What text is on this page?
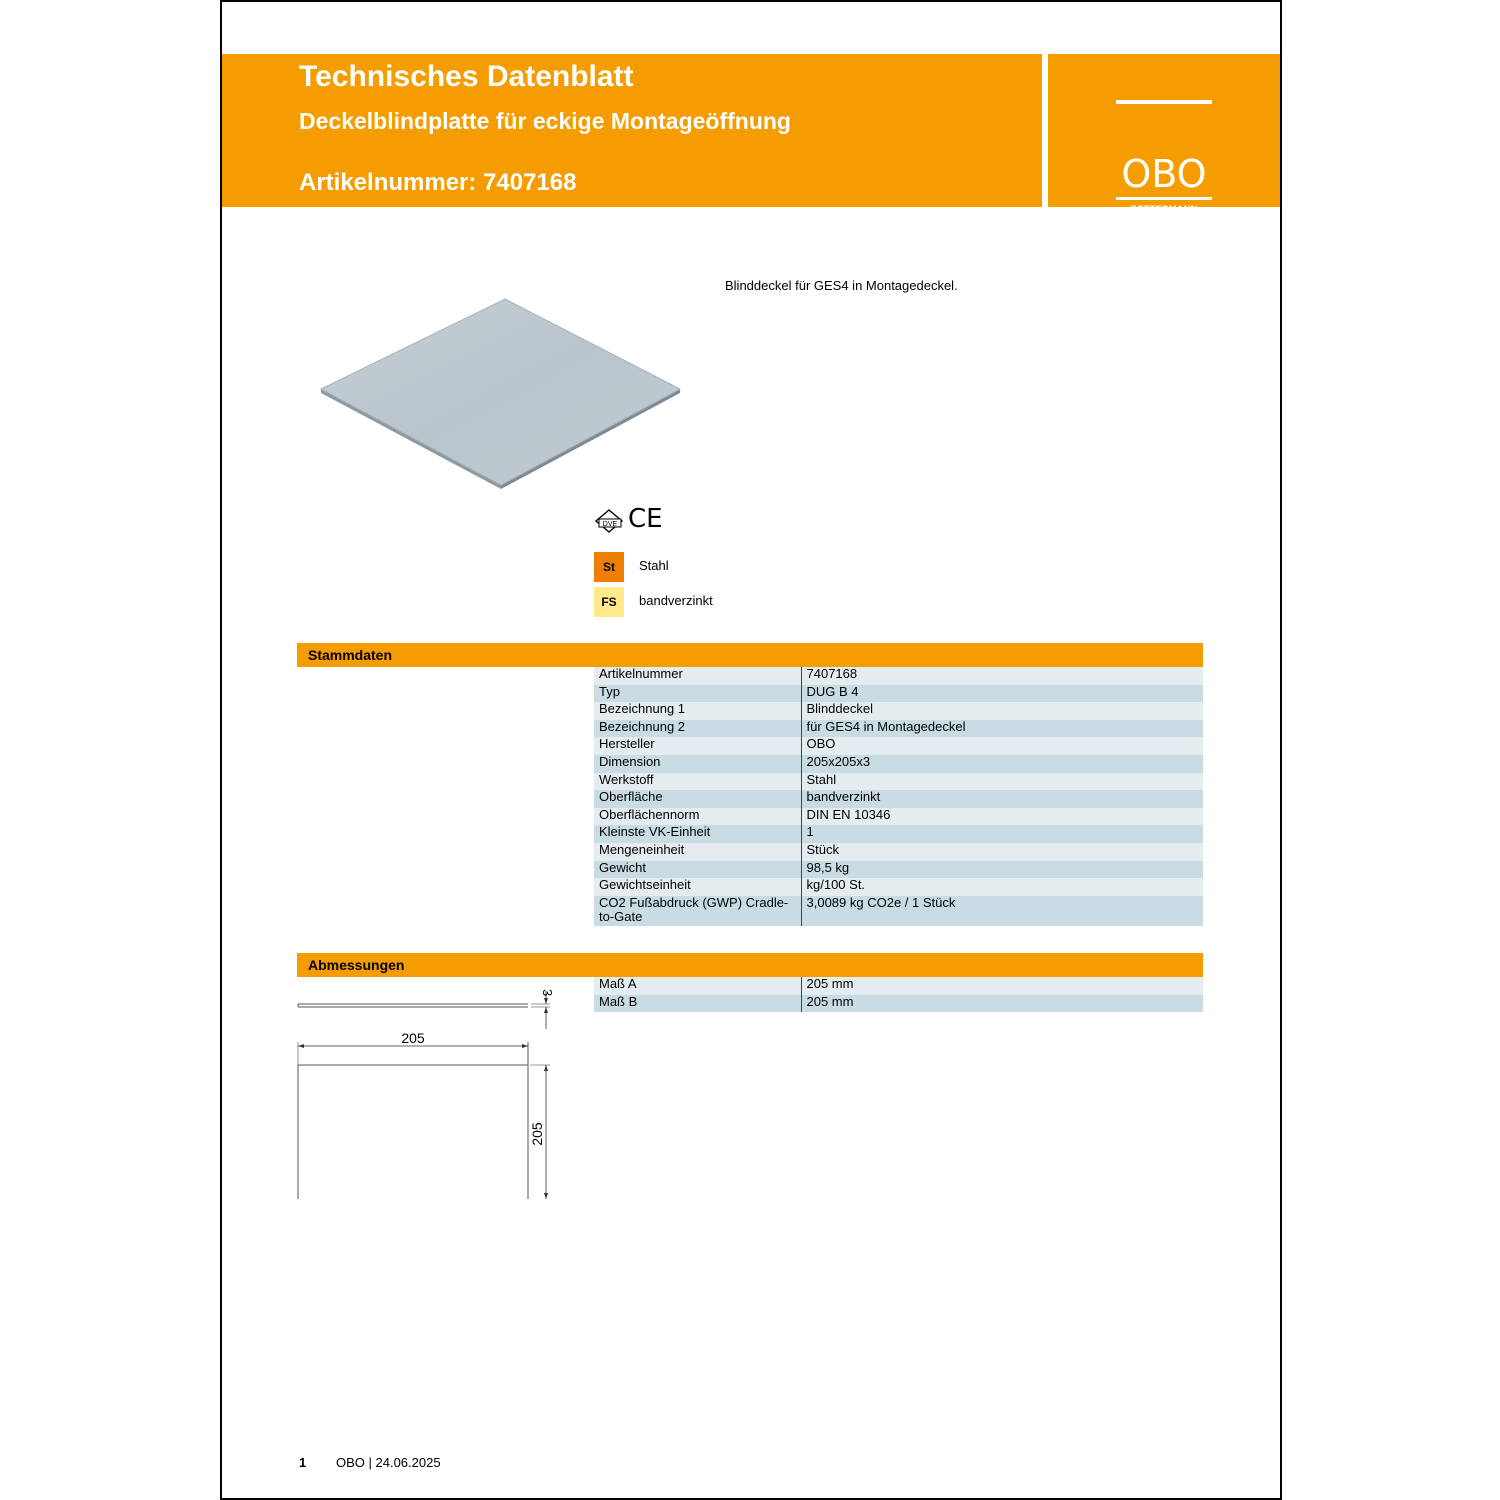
OBO
BETTERMANN
Technisches Datenblatt
Deckelblindplatte für eckige Montageöffnung
Artikelnummer: 7407168
Blinddeckel für GES4 in Montagedeckel.
DVE CE
St	Stahl
FS	bandverzinkt
Stammdaten
Artikelnummer	7407168
Typ	DUG B 4
Bezeichnung 1	Blinddeckel
Bezeichnung 2	für GES4 in Montagedeckel
Hersteller	OBO
Dimension	205x205x3
Werkstoff	Stahl
Oberfläche	bandverzinkt
Oberflächennorm	DIN EN 10346
Kleinste VK-Einheit	1
Mengeneinheit	Stück
Gewicht	98,5 kg
Gewichtseinheit	kg/100 St.
CO2 Fußabdruck (GWP) Cradle-to-Gate	3,0089 kg CO2e / 1 Stück
Abmessungen
Maß A	205 mm
Maß B	205 mm
3
205
205
1 OBO | 24.06.2025
